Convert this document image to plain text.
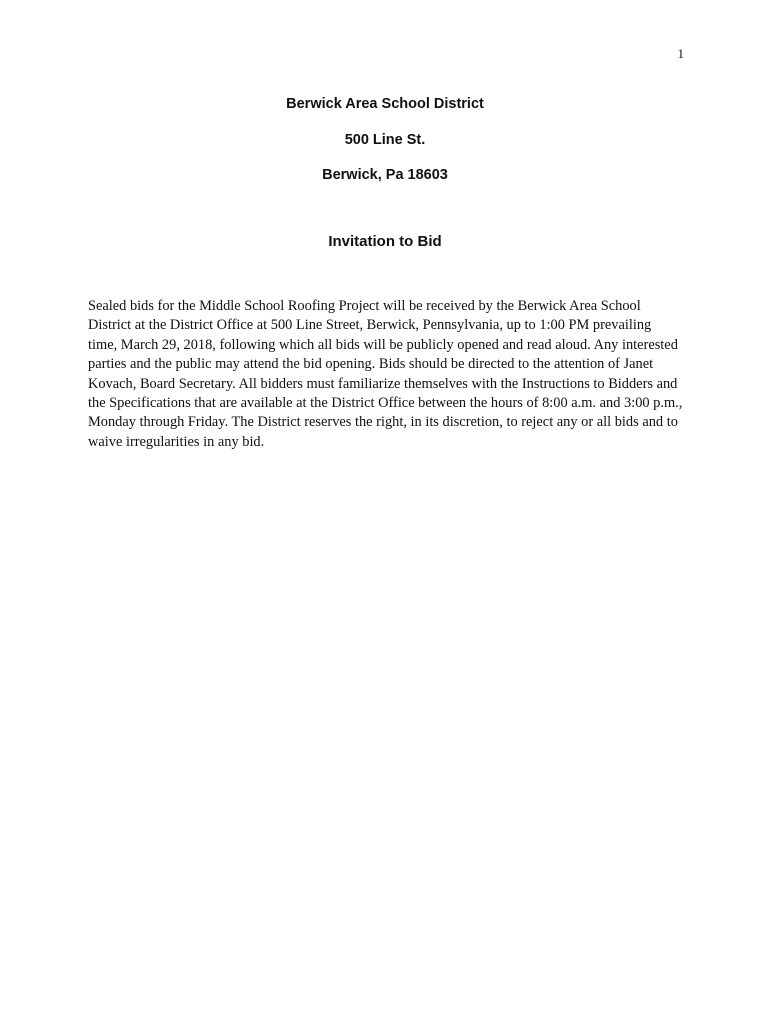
1
Berwick Area School District
500 Line St.
Berwick, Pa 18603
Invitation to Bid

Sealed bids for the Middle School Roofing Project will be received by the Berwick Area School District at the District Office at 500 Line Street, Berwick, Pennsylvania, up to 1:00 PM prevailing time, March 29, 2018, following which all bids will be publicly opened and read aloud. Any interested parties and the public may attend the bid opening. Bids should be directed to the attention of Janet Kovach, Board Secretary. All bidders must familiarize themselves with the Instructions to Bidders and the Specifications that are available at the District Office between the hours of 8:00 a.m. and 3:00 p.m., Monday through Friday. The District reserves the right, in its discretion, to reject any or all bids and to waive irregularities in any bid.
